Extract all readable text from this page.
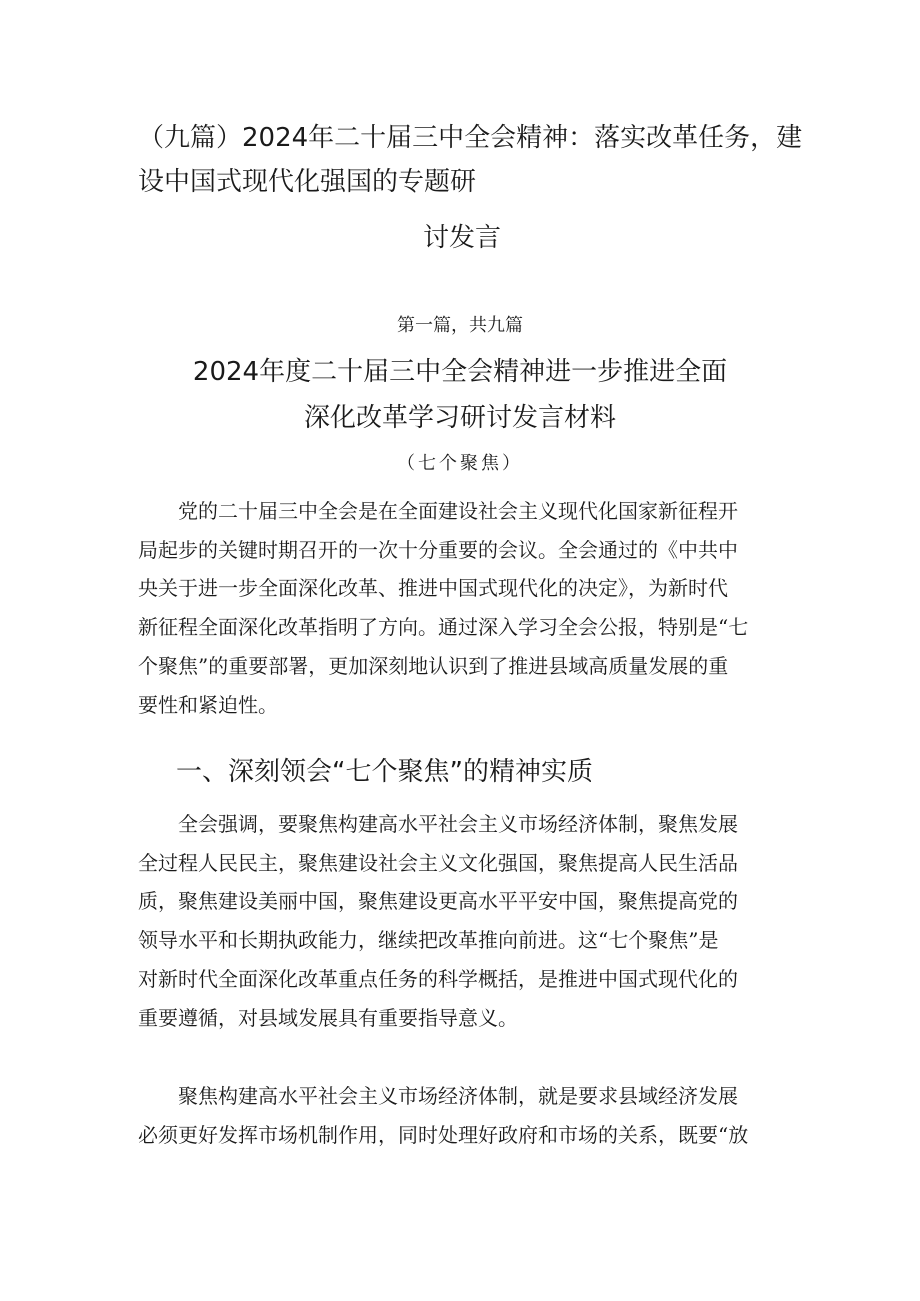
（九篇）2024年二十届三中全会精神：落实改革任务，建
设中国式现代化强国的专题研
讨发言

第一篇，共九篇

2024年度二十届三中全会精神进一步推进全面
深化改革学习研讨发言材料

（七个聚焦）

　　党的二十届三中全会是在全面建设社会主义现代化国家新征程开
局起步的关键时期召开的一次十分重要的会议。全会通过的《中共中
央关于进一步全面深化改革、推进中国式现代化的决定》，为新时代
新征程全面深化改革指明了方向。通过深入学习全会公报，特别是“七
个聚焦”的重要部署，更加深刻地认识到了推进县域高质量发展的重
要性和紧迫性。
一、深刻领会“七个聚焦”的精神实质
　　全会强调，要聚焦构建高水平社会主义市场经济体制，聚焦发展
全过程人民民主，聚焦建设社会主义文化强国，聚焦提高人民生活品
质，聚焦建设美丽中国，聚焦建设更高水平平安中国，聚焦提高党的
领导水平和长期执政能力，继续把改革推向前进。这“七个聚焦”是
对新时代全面深化改革重点任务的科学概括，是推进中国式现代化的
重要遵循，对县域发展具有重要指导意义。
　　聚焦构建高水平社会主义市场经济体制，就是要求县域经济发展
必须更好发挥市场机制作用，同时处理好政府和市场的关系，既要“放
